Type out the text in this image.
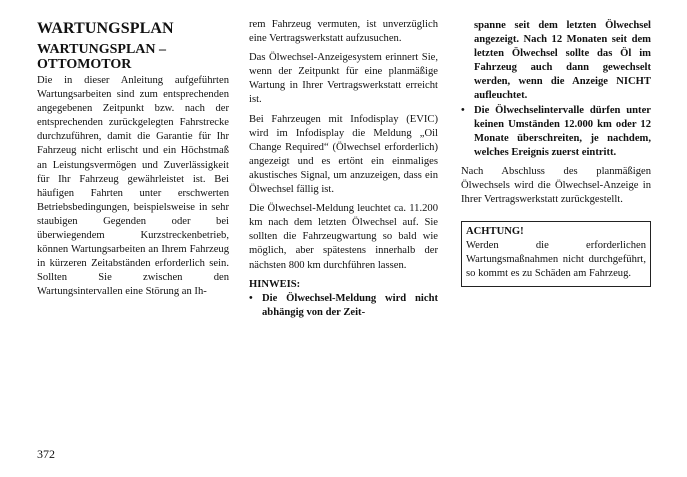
WARTUNGSPLAN
WARTUNGSPLAN – OTTOMOTOR

Die in dieser Anleitung aufgeführten Wartungsarbeiten sind zum entsprechenden angegebenen Zeitpunkt bzw. nach der entsprechenden zurückgelegten Fahrstrecke durchzuführen, damit die Garantie für Ihr Fahrzeug nicht erlischt und ein Höchstmaß an Leistungsvermögen und Zuverlässigkeit für Ihr Fahrzeug gewährleistet ist. Bei häufigen Fahrten unter erschwerten Betriebsbedingungen, beispielsweise in sehr staubigen Gegenden oder bei überwiegendem Kurzstreckenbetrieb, können Wartungsarbeiten an Ihrem Fahrzeug in kürzeren Zeitabständen erforderlich sein. Sollten Sie zwischen den Wartungsintervallen eine Störung an Ih-

rem Fahrzeug vermuten, ist unverzüglich eine Vertragswerkstatt aufzusuchen.

Das Ölwechsel-Anzeigesystem erinnert Sie, wenn der Zeitpunkt für eine planmäßige Wartung in Ihrer Vertragswerkstatt erreicht ist.

Bei Fahrzeugen mit Infodisplay (EVIC) wird im Infodisplay die Meldung „Oil Change Required“ (Ölwechsel erforderlich) angezeigt und es ertönt ein einmaliges akustisches Signal, um anzuzeigen, dass ein Ölwechsel fällig ist.

Die Ölwechsel-Meldung leuchtet ca. 11.200 km nach dem letzten Ölwechsel auf. Sie sollten die Fahrzeugwartung so bald wie möglich, aber spätestens innerhalb der nächsten 800 km durchführen lassen.

HINWEIS:
• Die Ölwechsel-Meldung wird nicht abhängig von der Zeit-
spanne seit dem letzten Ölwechsel angezeigt. Nach 12 Monaten seit dem letzten Ölwechsel sollte das Öl im Fahrzeug auch dann gewechselt werden, wenn die Anzeige NICHT aufleuchtet.
• Die Ölwechselintervalle dürfen unter keinen Umständen 12.000 km oder 12 Monate überschreiten, je nachdem, welches Ereignis zuerst eintritt.

Nach Abschluss des planmäßigen Ölwechsels wird die Ölwechsel-Anzeige in Ihrer Vertragswerkstatt zurückgestellt.

ACHTUNG!

Werden die erforderlichen Wartungsmaßnahmen nicht durchgeführt, so kommt es zu Schäden am Fahrzeug.

372
